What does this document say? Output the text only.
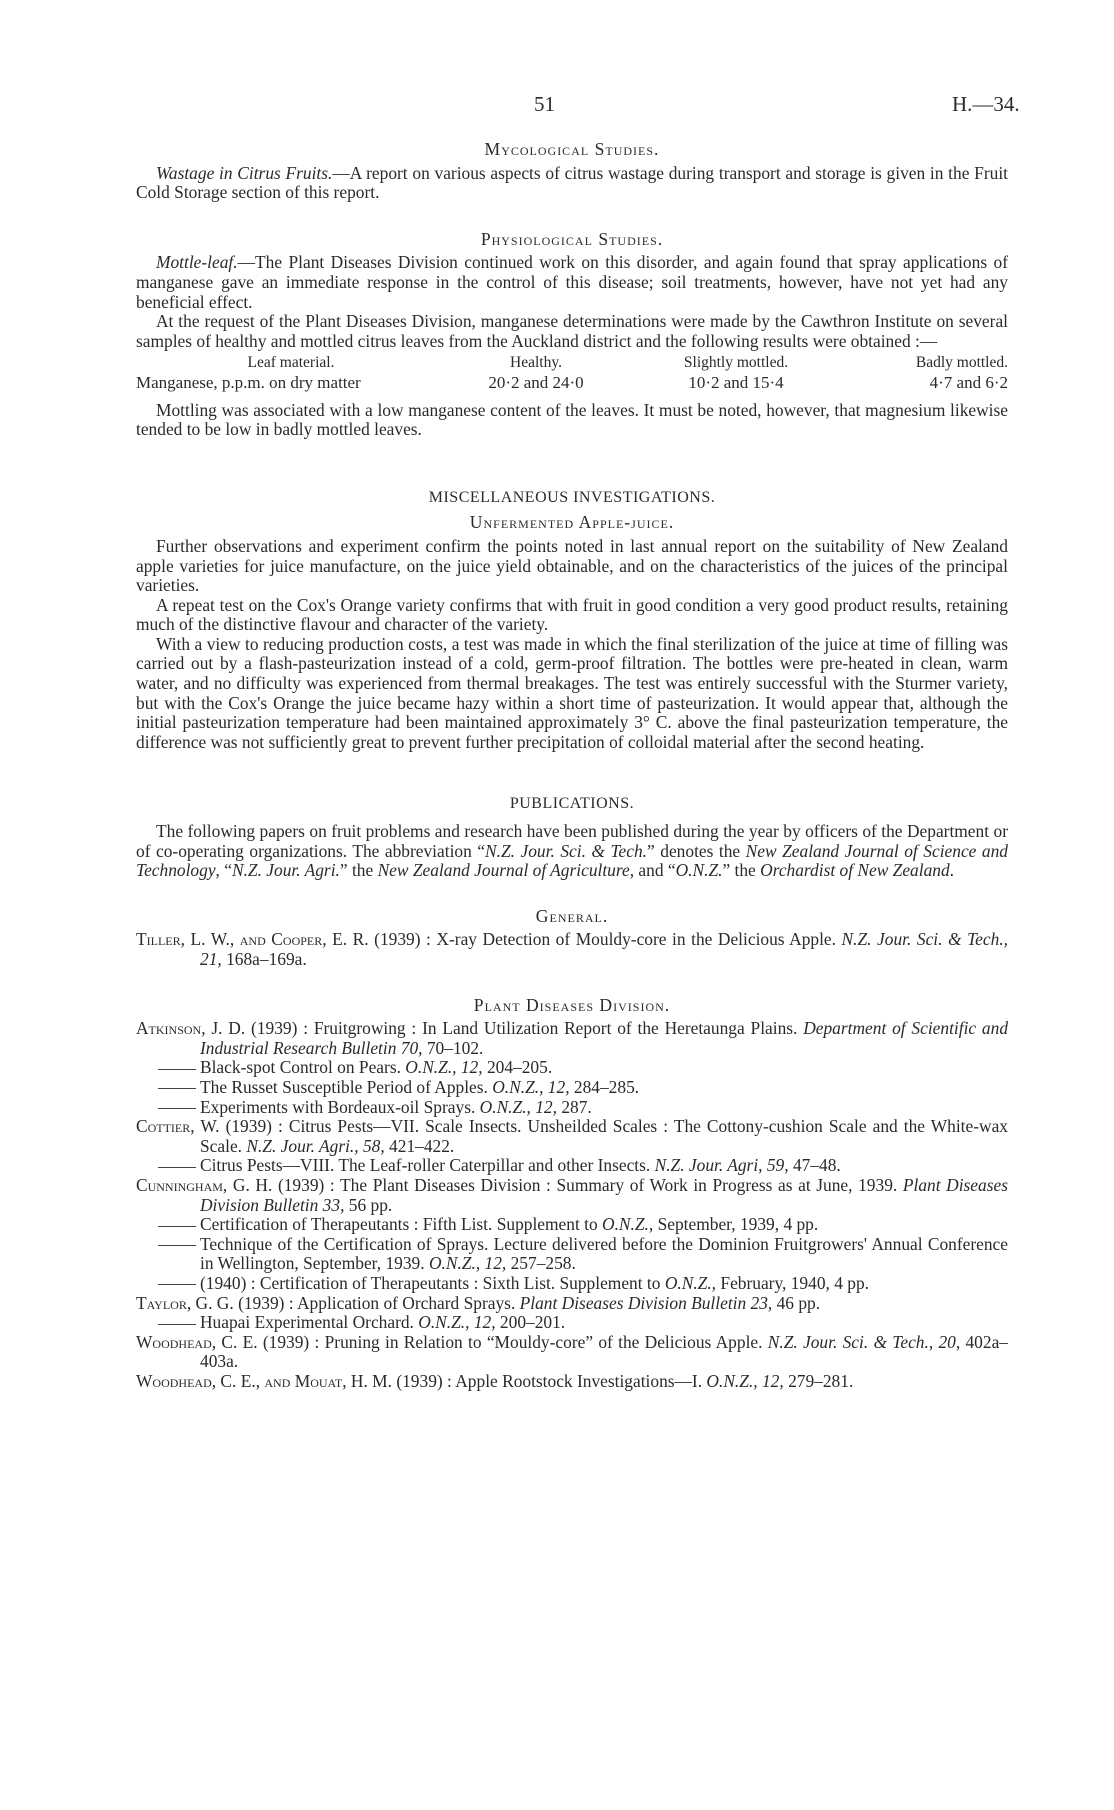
51	H.—34.
Mycological Studies.

Wastage in Citrus Fruits.—A report on various aspects of citrus wastage during transport and storage is given in the Fruit Cold Storage section of this report.

Physiological Studies.

Mottle-leaf.—The Plant Diseases Division continued work on this disorder, and again found that spray applications of manganese gave an immediate response in the control of this disease; soil treatments, however, have not yet had any beneficial effect.

At the request of the Plant Diseases Division, manganese determinations were made by the Cawthron Institute on several samples of healthy and mottled citrus leaves from the Auckland district and the following results were obtained :—

Leaf material.	Healthy.	Slightly mottled.	Badly mottled.
Manganese, p.p.m. on dry matter	20·2 and 24·0	10·2 and 15·4	4·7 and 6·2

Mottling was associated with a low manganese content of the leaves. It must be noted, however, that magnesium likewise tended to be low in badly mottled leaves.

MISCELLANEOUS INVESTIGATIONS.
Unfermented Apple-juice.

Further observations and experiment confirm the points noted in last annual report on the suitability of New Zealand apple varieties for juice manufacture, on the juice yield obtainable, and on the characteristics of the juices of the principal varieties.

A repeat test on the Cox's Orange variety confirms that with fruit in good condition a very good product results, retaining much of the distinctive flavour and character of the variety.

With a view to reducing production costs, a test was made in which the final sterilization of the juice at time of filling was carried out by a flash-pasteurization instead of a cold, germ-proof filtration. The bottles were pre-heated in clean, warm water, and no difficulty was experienced from thermal breakages. The test was entirely successful with the Sturmer variety, but with the Cox's Orange the juice became hazy within a short time of pasteurization. It would appear that, although the initial pasteurization temperature had been maintained approximately 3° C. above the final pasteurization temperature, the difference was not sufficiently great to prevent further precipitation of colloidal material after the second heating.

PUBLICATIONS.

The following papers on fruit problems and research have been published during the year by officers of the Department or of co-operating organizations. The abbreviation “N.Z. Jour. Sci. & Tech.” denotes the New Zealand Journal of Science and Technology, “N.Z. Jour. Agri.” the New Zealand Journal of Agriculture, and “O.N.Z.” the Orchardist of New Zealand.

General.
Tiller, L. W., and Cooper, E. R. (1939) : X-ray Detection of Mouldy-core in the Delicious Apple. N.Z. Jour. Sci. & Tech., 21, 168a–169a.
Plant Diseases Division.
Atkinson, J. D. (1939) : Fruitgrowing : In Land Utilization Report of the Heretaunga Plains. Department of Scientific and Industrial Research Bulletin 70, 70–102.
Black-spot Control on Pears. O.N.Z., 12, 204–205.
The Russet Susceptible Period of Apples. O.N.Z., 12, 284–285.
Experiments with Bordeaux-oil Sprays. O.N.Z., 12, 287.
Cottier, W. (1939) : Citrus Pests—VII. Scale Insects. Unsheilded Scales : The Cottony-cushion Scale and the White-wax Scale. N.Z. Jour. Agri., 58, 421–422.
Citrus Pests—VIII. The Leaf-roller Caterpillar and other Insects. N.Z. Jour. Agri, 59, 47–48.
Cunningham, G. H. (1939) : The Plant Diseases Division : Summary of Work in Progress as at June, 1939. Plant Diseases Division Bulletin 33, 56 pp.
Certification of Therapeutants : Fifth List. Supplement to O.N.Z., September, 1939, 4 pp.
Technique of the Certification of Sprays. Lecture delivered before the Dominion Fruitgrowers' Annual Conference in Wellington, September, 1939. O.N.Z., 12, 257–258.
(1940) : Certification of Therapeutants : Sixth List. Supplement to O.N.Z., February, 1940, 4 pp.
Taylor, G. G. (1939) : Application of Orchard Sprays. Plant Diseases Division Bulletin 23, 46 pp.
Huapai Experimental Orchard. O.N.Z., 12, 200–201.
Woodhead, C. E. (1939) : Pruning in Relation to “Mouldy-core” of the Delicious Apple. N.Z. Jour. Sci. & Tech., 20, 402a–403a.
Woodhead, C. E., and Mouat, H. M. (1939) : Apple Rootstock Investigations—I. O.N.Z., 12, 279–281.
